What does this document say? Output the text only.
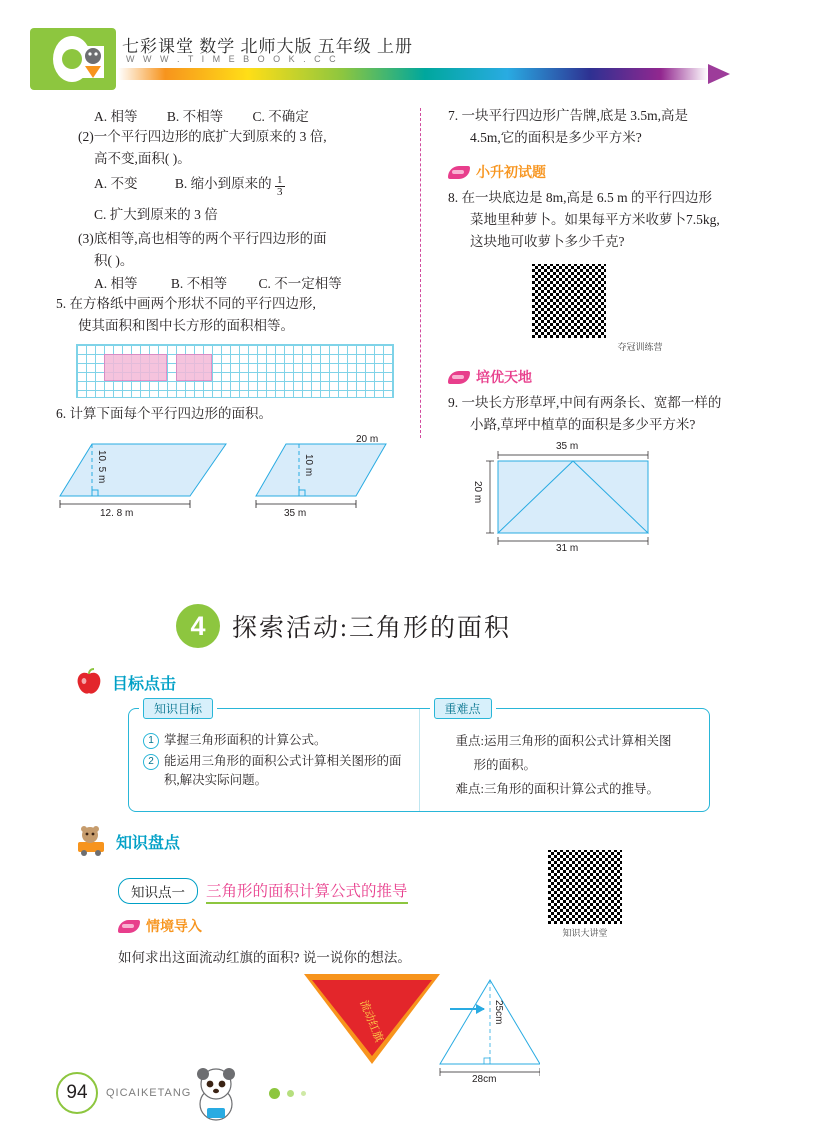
七彩课堂 数学 北师大版 五年级 上册
W W W . T I M E B O O K . C C
A. 相等 B. 不相等 C. 不确定
(2)一个平行四边形的底扩大到原来的 3 倍,
高不变,面积( )。
A. 不变	B. 缩小到原来的 $\frac{1}{3}$
C. 扩大到原来的 3 倍
(3)底相等,高也相等的两个平行四边形的面
积( )。
A. 相等 B. 不相等 C. 不一定相等
5. 在方格纸中画两个形状不同的平行四边形,
使其面积和图中长方形的面积相等。
6. 计算下面每个平行四边形的面积。
10. 5 m
12. 8 m
10 m
20 m
35 m
7. 一块平行四边形广告牌,底是 3.5m,高是
4.5m,它的面积是多少平方米?
小升初试题
8. 在一块底边是 8m,高是 6.5 m 的平行四边形
菜地里种萝卜。如果每平方米收萝卜7.5kg,
这块地可收萝卜多少千克?
夺冠训练营
培优天地
9. 一块长方形草坪,中间有两条长、宽都一样的
小路,草坪中植草的面积是多少平方米?
35 m
20 m
31 m
4	探索活动:三角形的面积
目标点击
知识目标
1 掌握三角形面积的计算公式。
2 能运用三角形的面积公式计算相关图形的面积,解决实际问题。
重难点
重点:运用三角形的面积公式计算相关图
形的面积。
难点:三角形的面积计算公式的推导。
知识盘点
知识点一	三角形的面积计算公式的推导
知识大讲堂
情境导入
如何求出这面流动红旗的面积? 说一说你的想法。
流动红旗	25cm
28cm
94	QICAIKETANG
